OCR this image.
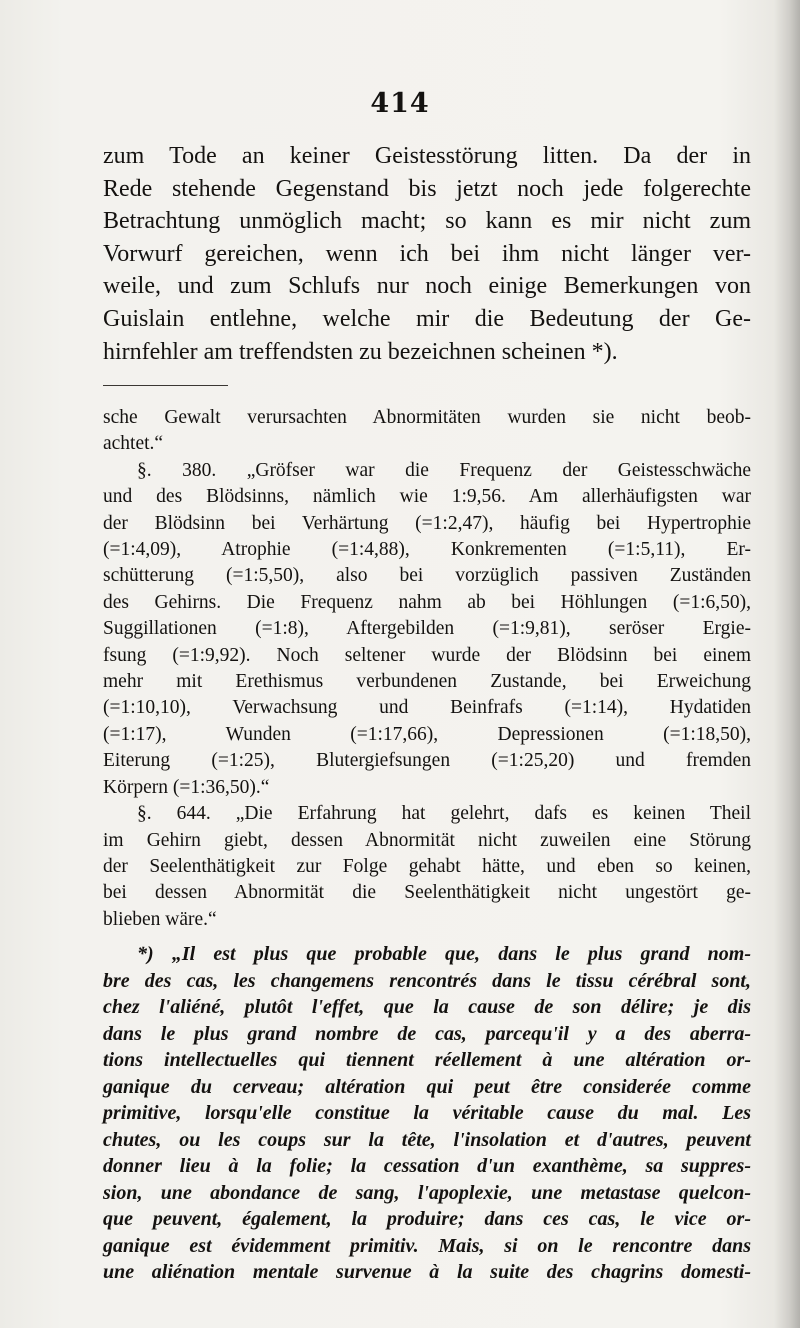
414
zum Tode an keiner Geistesstörung litten. Da der in
Rede stehende Gegenstand bis jetzt noch jede folgerechte
Betrachtung unmöglich macht; so kann es mir nicht zum
Vorwurf gereichen, wenn ich bei ihm nicht länger ver-
weile, und zum Schlufs nur noch einige Bemerkungen von
Guislain entlehne, welche mir die Bedeutung der Ge-
hirnfehler am treffendsten zu bezeichnen scheinen *).
sche Gewalt verursachten Abnormitäten wurden sie nicht beob-
achtet.“
§. 380. „Gröfser war die Frequenz der Geistesschwäche
und des Blödsinns, nämlich wie 1:9,56. Am allerhäufigsten war
der Blödsinn bei Verhärtung (=1:2,47), häufig bei Hypertrophie
(=1:4,09), Atrophie (=1:4,88), Konkrementen (=1:5,11), Er-
schütterung (=1:5,50), also bei vorzüglich passiven Zuständen
des Gehirns. Die Frequenz nahm ab bei Höhlungen (=1:6,50),
Suggillationen (=1:8), Aftergebilden (=1:9,81), seröser Ergie-
fsung (=1:9,92). Noch seltener wurde der Blödsinn bei einem
mehr mit Erethismus verbundenen Zustande, bei Erweichung
(=1:10,10), Verwachsung und Beinfrafs (=1:14), Hydatiden
(=1:17), Wunden (=1:17,66), Depressionen (=1:18,50),
Eiterung (=1:25), Blutergiefsungen (=1:25,20) und fremden
Körpern (=1:36,50).“
§. 644. „Die Erfahrung hat gelehrt, dafs es keinen Theil
im Gehirn giebt, dessen Abnormität nicht zuweilen eine Störung
der Seelenthätigkeit zur Folge gehabt hätte, und eben so keinen,
bei dessen Abnormität die Seelenthätigkeit nicht ungestört ge-
blieben wäre.“
*) „Il est plus que probable que, dans le plus grand nom-
bre des cas, les changemens rencontrés dans le tissu cérébral sont,
chez l'aliéné, plutôt l'effet, que la cause de son délire; je dis
dans le plus grand nombre de cas, parcequ'il y a des aberra-
tions intellectuelles qui tiennent réellement à une altération or-
ganique du cerveau; altération qui peut être considerée comme
primitive, lorsqu'elle constitue la véritable cause du mal. Les
chutes, ou les coups sur la tête, l'insolation et d'autres, peuvent
donner lieu à la folie; la cessation d'un exanthème, sa suppres-
sion, une abondance de sang, l'apoplexie, une metastase quelcon-
que peuvent, également, la produire; dans ces cas, le vice or-
ganique est évidemment primitiv. Mais, si on le rencontre dans
une aliénation mentale survenue à la suite des chagrins domesti-
